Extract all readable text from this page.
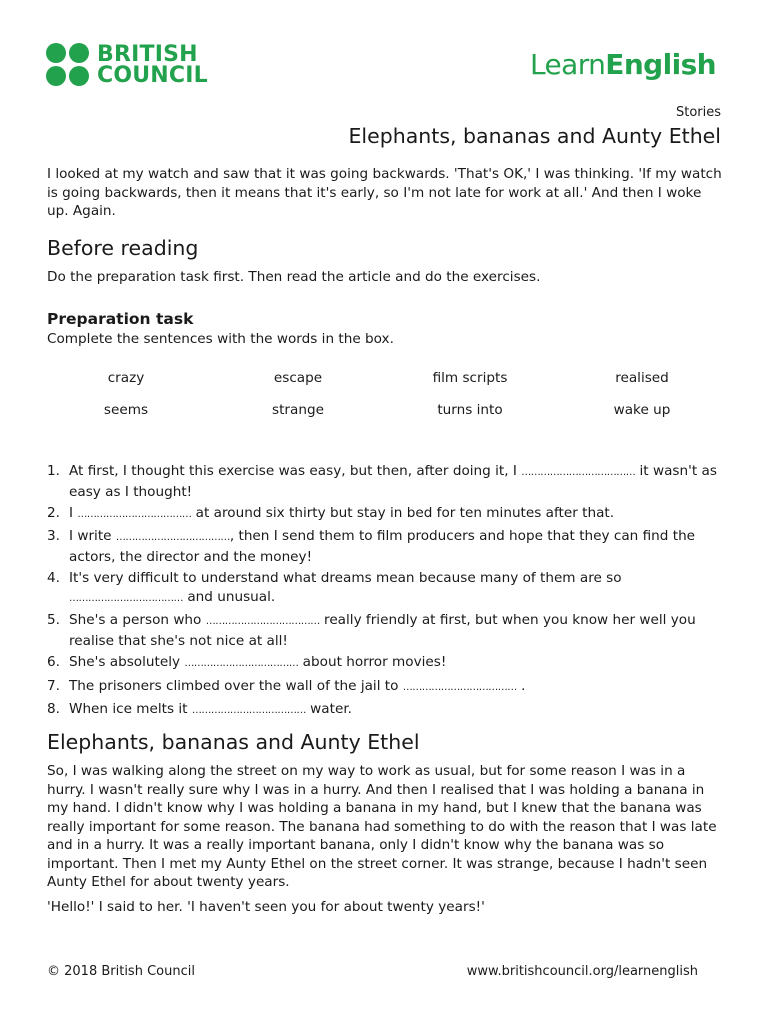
BRITISH
COUNCIL	LearnEnglish
Stories
Elephants, bananas and Aunty Ethel

I looked at my watch and saw that it was going backwards. 'That's OK,' I was thinking. 'If my watch is going backwards, then it means that it's early, so I'm not late for work at all.' And then I woke up. Again.

Before reading

Do the preparation task first. Then read the article and do the exercises.

Preparation task

Complete the sentences with the words in the box.

crazy	escape	film scripts	realised
seems	strange	turns into	wake up
1. At first, I thought this exercise was easy, but then, after doing it, I ……………………………… it wasn't as easy as I thought!
2. I ……………………………… at around six thirty but stay in bed for ten minutes after that.
3. I write ………………………………, then I send them to film producers and hope that they can find the actors, the director and the money!
4. It's very difficult to understand what dreams mean because many of them are so ……………………………… and unusual.
5. She's a person who ……………………………… really friendly at first, but when you know her well you realise that she's not nice at all!
6. She's absolutely ……………………………… about horror movies!
7. The prisoners climbed over the wall of the jail to ……………………………… .
8. When ice melts it ……………………………… water.
Elephants, bananas and Aunty Ethel

So, I was walking along the street on my way to work as usual, but for some reason I was in a hurry. I wasn't really sure why I was in a hurry. And then I realised that I was holding a banana in my hand. I didn't know why I was holding a banana in my hand, but I knew that the banana was really important for some reason. The banana had something to do with the reason that I was late and in a hurry. It was a really important banana, only I didn't know why the banana was so important. Then I met my Aunty Ethel on the street corner. It was strange, because I hadn't seen Aunty Ethel for about twenty years.

'Hello!' I said to her. 'I haven't seen you for about twenty years!'

© 2018 British Council	www.britishcouncil.org/learnenglish
